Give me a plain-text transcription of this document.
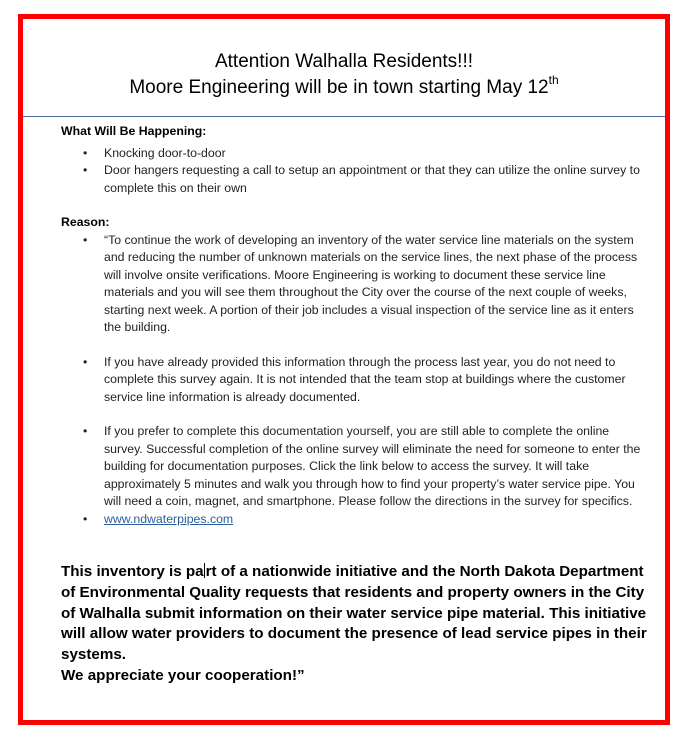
Attention Walhalla Residents!!!
Moore Engineering will be in town starting May 12th
What Will Be Happening:
• Knocking door-to-door
• Door hangers requesting a call to setup an appointment or that they can utilize the online survey to complete this on their own
Reason:
• “To continue the work of developing an inventory of the water service line materials on the system and reducing the number of unknown materials on the service lines, the next phase of the process will involve onsite verifications. Moore Engineering is working to document these service line materials and you will see them throughout the City over the course of the next couple of weeks, starting next week. A portion of their job includes a visual inspection of the service line as it enters the building.
• If you have already provided this information through the process last year, you do not need to complete this survey again. It is not intended that the team stop at buildings where the customer service line information is already documented.
• If you prefer to complete this documentation yourself, you are still able to complete the online survey. Successful completion of the online survey will eliminate the need for someone to enter the building for documentation purposes. Click the link below to access the survey. It will take approximately 5 minutes and walk you through how to find your property’s water service pipe. You will need a coin, magnet, and smartphone. Please follow the directions in the survey for specifics.
• www.ndwaterpipes.com
This inventory is pa rt of a nationwide initiative and the North Dakota Department of Environmental Quality requests that residents and property owners in the City of Walhalla submit information on their water service pipe material. This initiative will allow water providers to document the presence of lead service pipes in their systems.
We appreciate your cooperation!”
